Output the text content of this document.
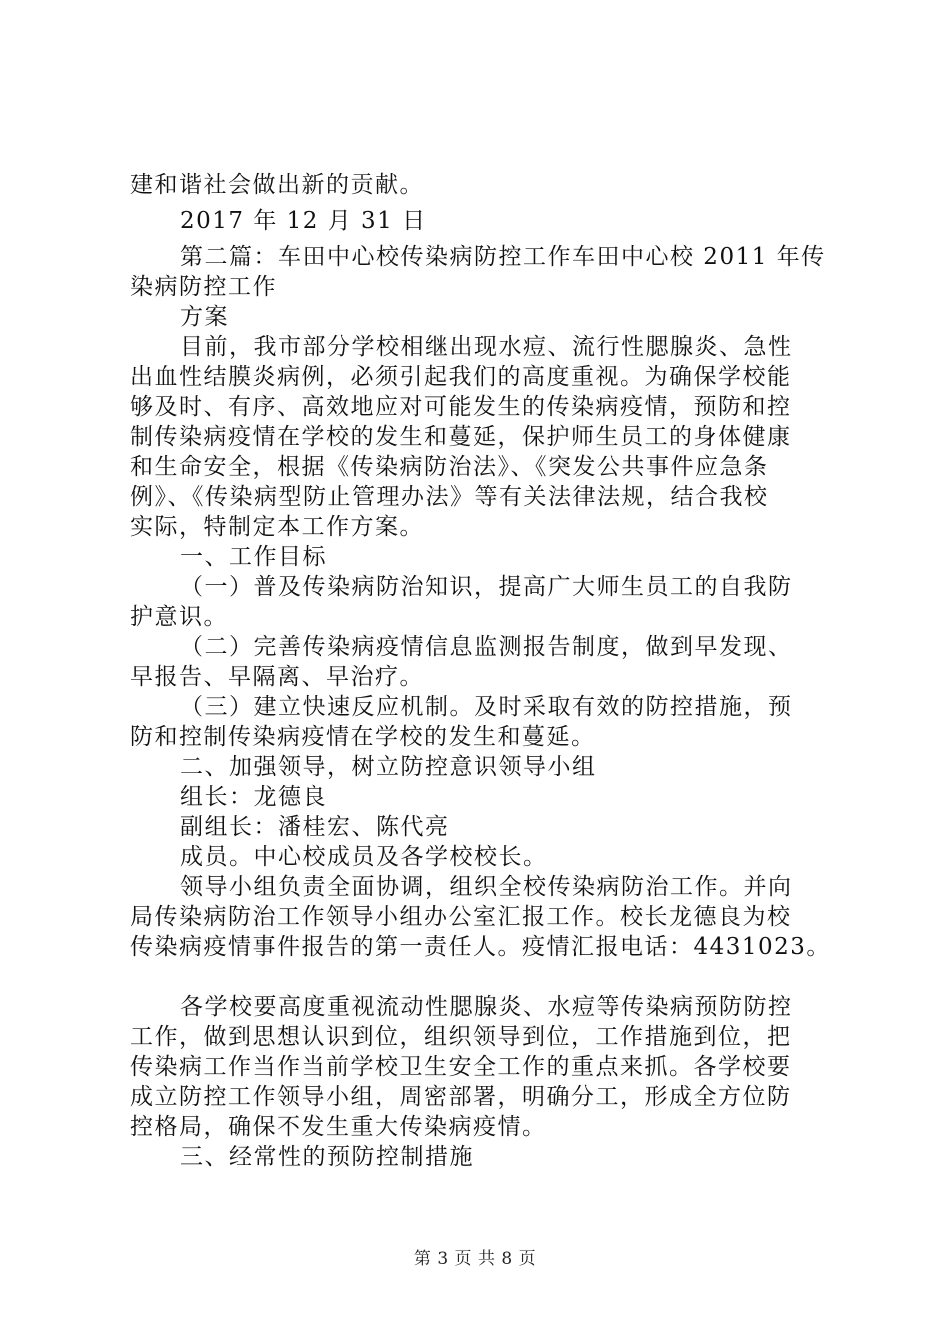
建和谐社会做出新的贡献。
2017 年 12 月 31 日
第二篇：车田中心校传染病防控工作车田中心校 2011 年传
染病防控工作
方案
目前，我市部分学校相继出现水痘、流行性腮腺炎、急性
出血性结膜炎病例，必须引起我们的高度重视。为确保学校能
够及时、有序、高效地应对可能发生的传染病疫情，预防和控
制传染病疫情在学校的发生和蔓延，保护师生员工的身体健康
和生命安全，根据《传染病防治法》、《突发公共事件应急条
例》、《传染病型防止管理办法》等有关法律法规，结合我校
实际，特制定本工作方案。
一、工作目标
（一）普及传染病防治知识，提高广大师生员工的自我防
护意识。
（二）完善传染病疫情信息监测报告制度，做到早发现、
早报告、早隔离、早治疗。
（三）建立快速反应机制。及时采取有效的防控措施，预
防和控制传染病疫情在学校的发生和蔓延。
二、加强领导，树立防控意识领导小组
组长：龙德良
副组长：潘桂宏、陈代亮
成员。中心校成员及各学校校长。
领导小组负责全面协调，组织全校传染病防治工作。并向
局传染病防治工作领导小组办公室汇报工作。校长龙德良为校
传染病疫情事件报告的第一责任人。疫情汇报电话：4431023。
各学校要高度重视流动性腮腺炎、水痘等传染病预防防控
工作，做到思想认识到位，组织领导到位，工作措施到位，把
传染病工作当作当前学校卫生安全工作的重点来抓。各学校要
成立防控工作领导小组，周密部署，明确分工，形成全方位防
控格局，确保不发生重大传染病疫情。
三、经常性的预防控制措施
第 3 页 共 8 页
